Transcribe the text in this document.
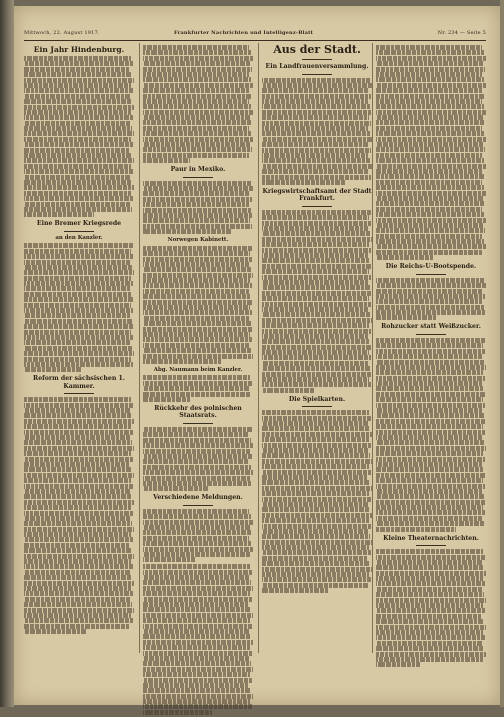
Mittwoch, 22. August 1917.	Frankfurter Nachrichten und Intelligenz-Blatt	Nr. 234 — Seite 5
Ein Jahr Hindenburg.
Eine Bremer Kriegsrede
an den Kanzler.
Reform der sächsischen 1. Kammer.
Paur in Mexiko.
Norwegen Kabinett.
Abg. Naumann beim Kanzler.
Rückkehr des polnischen Staatsrats.
Verschiedene Meldungen.
Aus der Stadt.
Ein Landfrauenversammlung.
Kriegswirtschaftsamt der Stadt Frankfurt.
Die Spielkarten.
Die Reichs-U-Bootspende.
Rohzucker statt Weißzucker.
Kleine Theaternachrichten.
